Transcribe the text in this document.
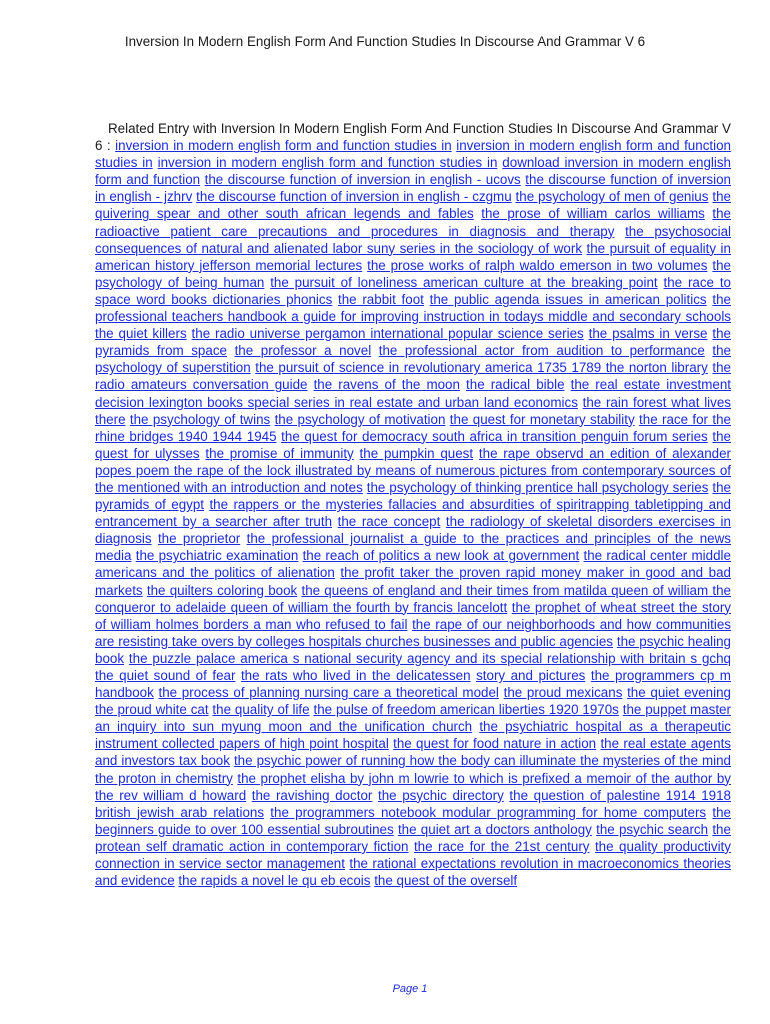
Inversion In Modern English Form And Function Studies In Discourse And Grammar V 6
Related Entry with Inversion In Modern English Form And Function Studies In Discourse And Grammar V 6 : inversion in modern english form and function studies in inversion in modern english form and function studies in inversion in modern english form and function studies in download inversion in modern english form and function the discourse function of inversion in english - ucovs the discourse function of inversion in english - jzhrv the discourse function of inversion in english - czgmu the psychology of men of genius the quivering spear and other south african legends and fables the prose of william carlos williams the radioactive patient care precautions and procedures in diagnosis and therapy the psychosocial consequences of natural and alienated labor suny series in the sociology of work the pursuit of equality in american history jefferson memorial lectures the prose works of ralph waldo emerson in two volumes the psychology of being human the pursuit of loneliness american culture at the breaking point the race to space word books dictionaries phonics the rabbit foot the public agenda issues in american politics the professional teachers handbook a guide for improving instruction in todays middle and secondary schools the quiet killers the radio universe pergamon international popular science series the psalms in verse the pyramids from space the professor a novel the professional actor from audition to performance the psychology of superstition the pursuit of science in revolutionary america 1735 1789 the norton library the radio amateurs conversation guide the ravens of the moon the radical bible the real estate investment decision lexington books special series in real estate and urban land economics the rain forest what lives there the psychology of twins the psychology of motivation the quest for monetary stability the race for the rhine bridges 1940 1944 1945 the quest for democracy south africa in transition penguin forum series the quest for ulysses the promise of immunity the pumpkin quest the rape observd an edition of alexander popes poem the rape of the lock illustrated by means of numerous pictures from contemporary sources of the mentioned with an introduction and notes the psychology of thinking prentice hall psychology series the pyramids of egypt the rappers or the mysteries fallacies and absurdities of spiritrapping tabletipping and entrancement by a searcher after truth the race concept the radiology of skeletal disorders exercises in diagnosis the proprietor the professional journalist a guide to the practices and principles of the news media the psychiatric examination the reach of politics a new look at government the radical center middle americans and the politics of alienation the profit taker the proven rapid money maker in good and bad markets the quilters coloring book the queens of england and their times from matilda queen of william the conqueror to adelaide queen of william the fourth by francis lancelott the prophet of wheat street the story of william holmes borders a man who refused to fail the rape of our neighborhoods and how communities are resisting take overs by colleges hospitals churches businesses and public agencies the psychic healing book the puzzle palace america s national security agency and its special relationship with britain s gchq the quiet sound of fear the rats who lived in the delicatessen story and pictures the programmers cp m handbook the process of planning nursing care a theoretical model the proud mexicans the quiet evening the proud white cat the quality of life the pulse of freedom american liberties 1920 1970s the puppet master an inquiry into sun myung moon and the unification church the psychiatric hospital as a therapeutic instrument collected papers of high point hospital the quest for food nature in action the real estate agents and investors tax book the psychic power of running how the body can illuminate the mysteries of the mind the proton in chemistry the prophet elisha by john m lowrie to which is prefixed a memoir of the author by the rev william d howard the ravishing doctor the psychic directory the question of palestine 1914 1918 british jewish arab relations the programmers notebook modular programming for home computers the beginners guide to over 100 essential subroutines the quiet art a doctors anthology the psychic search the protean self dramatic action in contemporary fiction the race for the 21st century the quality productivity connection in service sector management the rational expectations revolution in macroeconomics theories and evidence the rapids a novel le qu eb ecois the quest of the overself
Page 1
